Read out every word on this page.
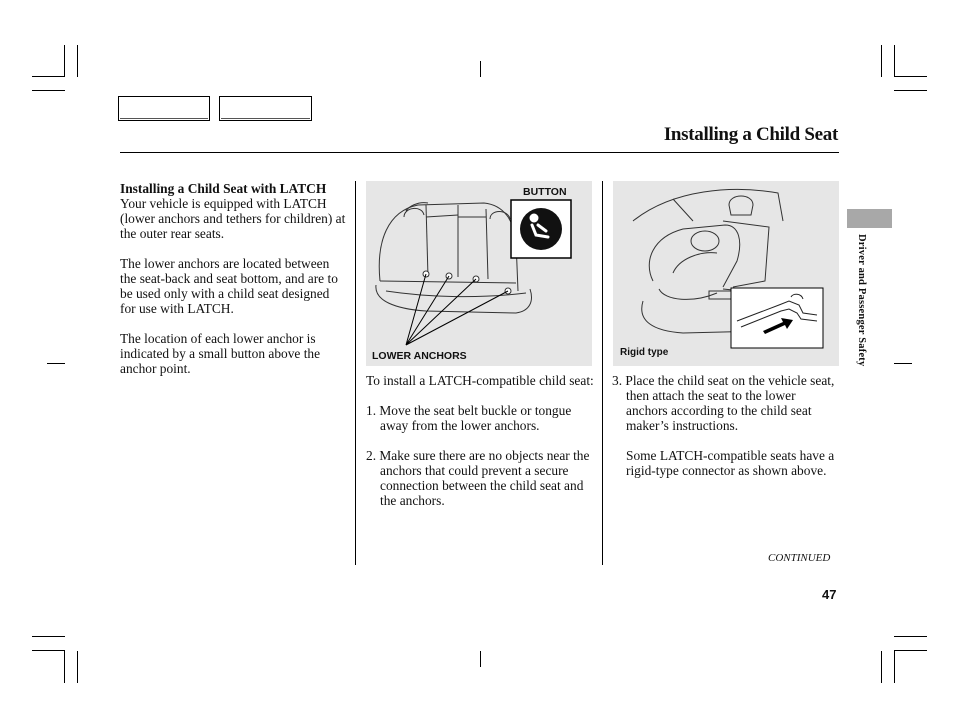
Installing a Child Seat
Installing a Child Seat with LATCH

Your vehicle is equipped with LATCH (lower anchors and tethers for children) at the outer rear seats.

The lower anchors are located between the seat-back and seat bottom, and are to be used only with a child seat designed for use with LATCH.

The location of each lower anchor is indicated by a small button above the anchor point.

BUTTON
LOWER ANCHORS

To install a LATCH-compatible child seat:

1. Move the seat belt buckle or tongue away from the lower anchors.

2. Make sure there are no objects near the anchors that could prevent a secure connection between the child seat and the anchors.

Rigid type

3. Place the child seat on the vehicle seat, then attach the seat to the lower anchors according to the child seat maker’s instructions.

Some LATCH-compatible seats have a rigid-type connector as shown above.

Driver and Passenger Safety
CONTINUED
47
